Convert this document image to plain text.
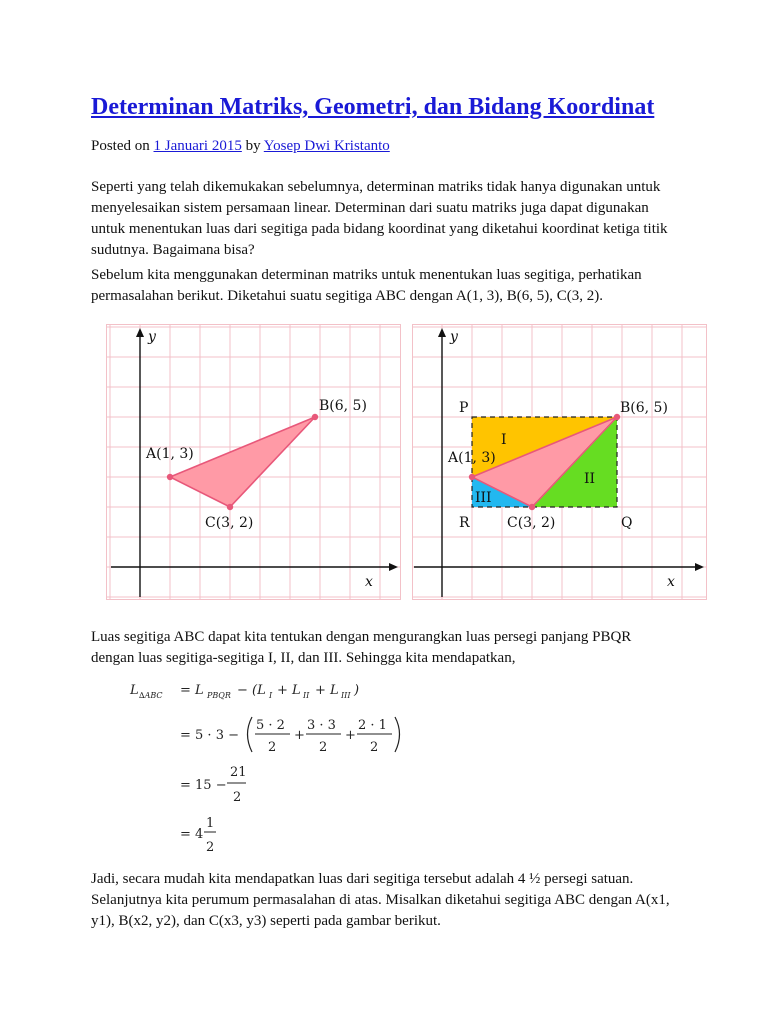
Determinan Matriks, Geometri, dan Bidang Koordinat
Posted on 1 Januari 2015 by Yosep Dwi Kristanto

Seperti yang telah dikemukakan sebelumnya, determinan matriks tidak hanya digunakan untuk
menyelesaikan sistem persamaan linear. Determinan dari suatu matriks juga dapat digunakan
untuk menentukan luas dari segitiga pada bidang koordinat yang diketahui koordinat ketiga titik
sudutnya. Bagaimana bisa?

Sebelum kita menggunakan determinan matriks untuk menentukan luas segitiga, perhatikan
permasalahan berikut. Diketahui suatu segitiga ABC dengan A(1, 3), B(6, 5), C(3, 2).

y
x
A(1, 3)
B(6, 5)
C(3, 2)
y
x
P	B(6, 5)
A(1, 3)
R	C(3, 2)	Q
I
II
III

Luas segitiga ABC dapat kita tentukan dengan mengurangkan luas persegi panjang PBQR
dengan luas segitiga-segitiga I, II, dan III. Sehingga kita mendapatkan,

L ∆ABC = L PBQR − (L I + L II + L III )
= 5 · 3 −
5 · 2
2
+
3 · 3
2
+
2 · 1
2
= 15 −
21
2
= 4
1
2

Jadi, secara mudah kita mendapatkan luas dari segitiga tersebut adalah 4 ½ persegi satuan.
Selanjutnya kita perumum permasalahan di atas. Misalkan diketahui segitiga ABC dengan A(x1,
y1), B(x2, y2), dan C(x3, y3) seperti pada gambar berikut.
